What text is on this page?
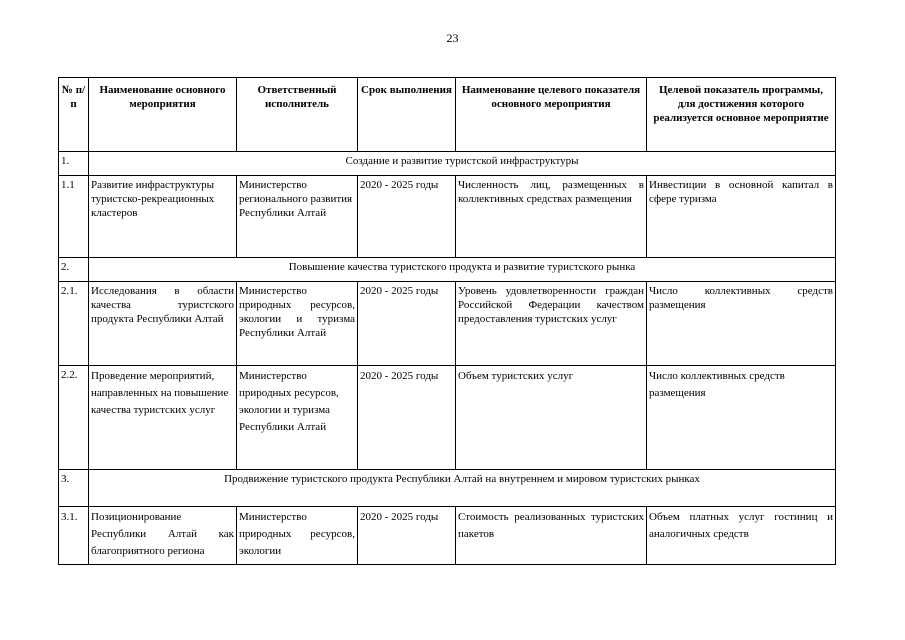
23
№ п/п	Наименование основного мероприятия	Ответственный исполнитель	Срок выполнения	Наименование целевого показателя основного мероприятия	Целевой показатель программы, для достижения которого реализуется основное мероприятие
1.	Создание и развитие туристской инфраструктуры				
1.1	Развитие инфраструктуры туристско-рекреационных кластеров	Министерство регионального развития Республики Алтай	2020 - 2025 годы	Численность лиц, размещенных в коллективных средствах размещения	Инвестиции в основной капитал в сфере туризма
2.	Повышение качества туристского продукта и развитие туристского рынка				
2.1.	Исследования в области качества туристского продукта Республики Алтай	Министерство природных ресурсов, экологии и туризма Республики Алтай	2020 - 2025 годы	Уровень удовлетворенности граждан Российской Федерации качеством предоставления туристских услуг	Число коллективных средств размещения
2.2.	Проведение мероприятий, направленных на повышение качества туристских услуг	Министерство природных ресурсов, экологии и туризма Республики Алтай	2020 - 2025 годы	Объем туристских услуг	Число коллективных средств размещения
3.	Продвижение туристского продукта Республики Алтай на внутреннем и мировом туристских рынках				
3.1.	Позиционирование Республики Алтай как благоприятного региона	Министерство природных ресурсов, экологии	2020 - 2025 годы	Стоимость реализованных туристских пакетов	Объем платных услуг гостиниц и аналогичных средств
